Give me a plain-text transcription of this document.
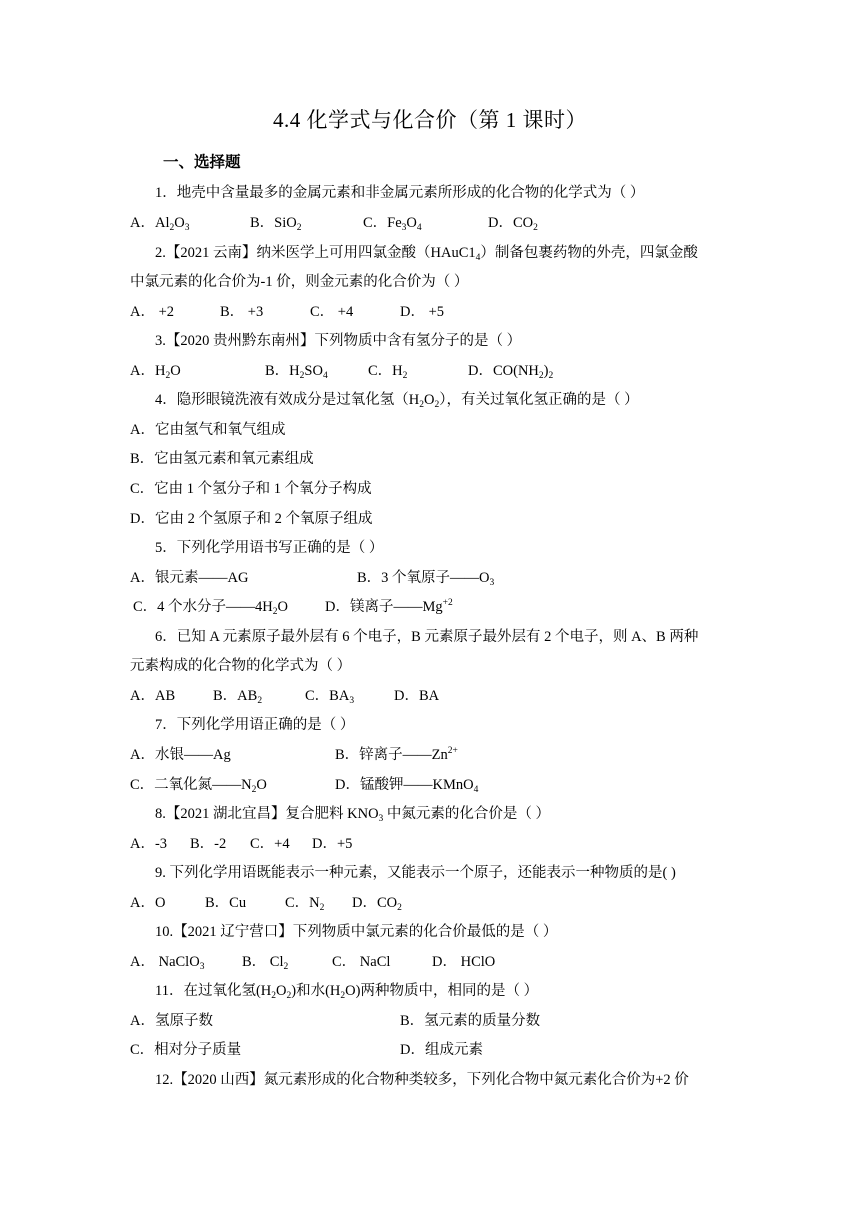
4.4 化学式与化合价（第 1 课时）
一、选择题
1．地壳中含量最多的金属元素和非金属元素所形成的化合物的化学式为（ ）
A．$Al_2O_3$	B．SiO$_2$	C．$Fe_3O_4$	D．$CO_2$
2.【2021 云南】纳米医学上可用四氯金酸$(HAuC1_4)$制备包裹药物的外壳，四氯金酸
中氯元素的化合价为-1 价，则金元素的化合价为（ ）
A． +2	B． +3	C． +4	D． +5
3.【2020 贵州黔东南州】下列物质中含有氢分子的是（ ）
A．$H_2O$	B．$H_2SO_4$	C．$H_2$	D．$CO(NH_2)_2$
4．隐形眼镜洗液有效成分是过氧化氢$(H_2O_2)$，有关过氧化氢正确的是（ ）
A．它由氢气和氧气组成
B．它由氢元素和氧元素组成
C．它由 1 个氢分子和 1 个氧分子构成
D．它由 2 个氢原子和 2 个氧原子组成
5．下列化学用语书写正确的是（ ）
A．银元素——AG	B．3 个氧原子$——O_3$
C．4 个水分子$——4H_2O$	D．镁离子$——Mg^{+2}$
6．已知 A 元素原子最外层有 6 个电子，B 元素原子最外层有 2 个电子，则 A、B 两种
元素构成的化合物的化学式为（ ）
A．AB	B．$AB_2$	C．$BA_3$	D．BA
7．下列化学用语正确的是（ ）
A．水银——Ag	B．锌离子$——Zn^{2+}$
C．二氧化氮$——N_2O$	D．锰酸钾——KMnO$_4$
8.【2021 湖北宜昌】复合肥料 $KNO_3$ 中氮元素的化合价是（ ）
A．-3 B．-2 C．+4 D．+5
9. 下列化学用语既能表示一种元素，又能表示一个原子，还能表示一种物质的是( )
A．O	B．Cu	C．$N_2$ D．$CO_2$
10.【2021 辽宁营口】下列物质中氯元素的化合价最低的是（ ）
A． NaClO$_3$	B． $Cl_2$	C． NaCl	D． HClO
11．在过氧化氢$(H_2O_2)$和水$(H_2O)$两种物质中，相同的是（ ）
A．氢原子数	B．氢元素的质量分数
C．相对分子质量	D．组成元素
12.【2020 山西】氮元素形成的化合物种类较多，下列化合物中氮元素化合价为+2 价
